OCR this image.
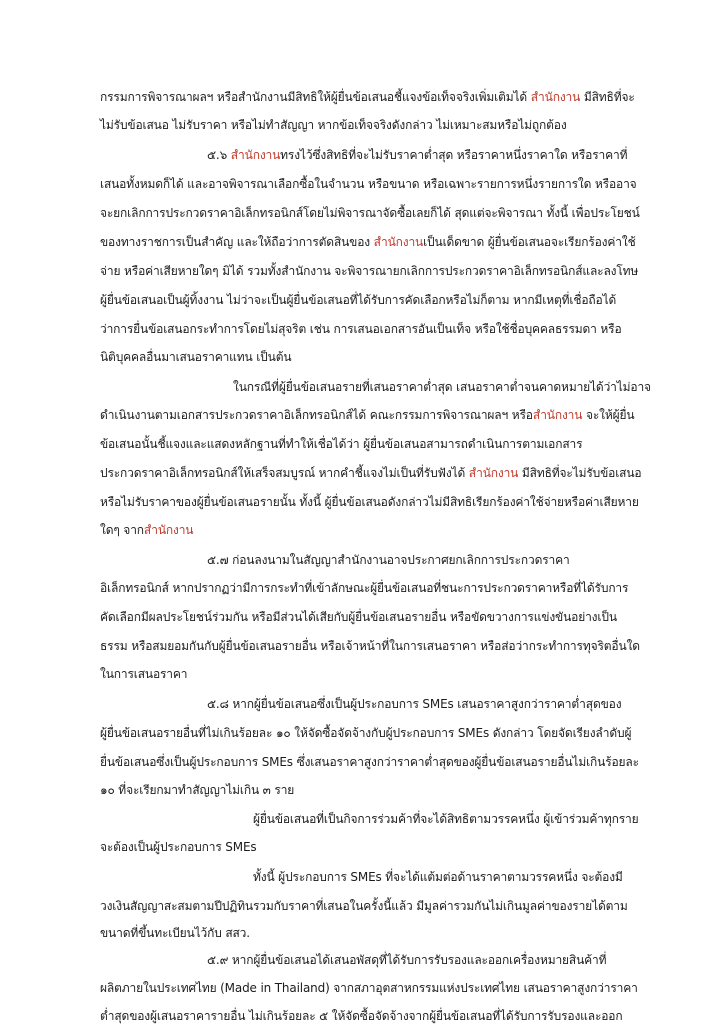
กรรมการพิจารณาผลฯ หรือสำนักงานมีสิทธิให้ผู้ยื่นข้อเสนอชี้แจงข้อเท็จจริงเพิ่มเติมได้ สำนักงาน มีสิทธิที่จะ

ไม่รับข้อเสนอ ไม่รับราคา หรือไม่ทำสัญญา หากข้อเท็จจริงดังกล่าว ไม่เหมาะสมหรือไม่ถูกต้อง

๕.๖ สำนักงานทรงไว้ซึ่งสิทธิที่จะไม่รับราคาต่ำสุด หรือราคาหนึ่งราคาใด หรือราคาที่

เสนอทั้งหมดก็ได้ และอาจพิจารณาเลือกซื้อในจำนวน หรือขนาด หรือเฉพาะรายการหนึ่งรายการใด หรืออาจ

จะยกเลิกการประกวดราคาอิเล็กทรอนิกส์โดยไม่พิจารณาจัดซื้อเลยก็ได้ สุดแต่จะพิจารณา ทั้งนี้ เพื่อประโยชน์

ของทางราชการเป็นสำคัญ และให้ถือว่าการตัดสินของ สำนักงานเป็นเด็ดขาด ผู้ยื่นข้อเสนอจะเรียกร้องค่าใช้

จ่าย หรือค่าเสียหายใดๆ มิได้ รวมทั้งสำนักงาน จะพิจารณายกเลิกการประกวดราคาอิเล็กทรอนิกส์และลงโทษ

ผู้ยื่นข้อเสนอเป็นผู้ทิ้งงาน ไม่ว่าจะเป็นผู้ยื่นข้อเสนอที่ได้รับการคัดเลือกหรือไม่ก็ตาม หากมีเหตุที่เชื่อถือได้

ว่าการยื่นข้อเสนอกระทำการโดยไม่สุจริต เช่น การเสนอเอกสารอันเป็นเท็จ หรือใช้ชื่อบุคคลธรรมดา หรือ

นิติบุคคลอื่นมาเสนอราคาแทน เป็นต้น

ในกรณีที่ผู้ยื่นข้อเสนอรายที่เสนอราคาต่ำสุด เสนอราคาต่ำจนคาดหมายได้ว่าไม่อาจ

ดำเนินงานตามเอกสารประกวดราคาอิเล็กทรอนิกส์ได้ คณะกรรมการพิจารณาผลฯ หรือสำนักงาน จะให้ผู้ยื่น

ข้อเสนอนั้นชี้แจงและแสดงหลักฐานที่ทำให้เชื่อได้ว่า ผู้ยื่นข้อเสนอสามารถดำเนินการตามเอกสาร

ประกวดราคาอิเล็กทรอนิกส์ให้เสร็จสมบูรณ์ หากคำชี้แจงไม่เป็นที่รับฟังได้ สำนักงาน มีสิทธิที่จะไม่รับข้อเสนอ

หรือไม่รับราคาของผู้ยื่นข้อเสนอรายนั้น ทั้งนี้ ผู้ยื่นข้อเสนอดังกล่าวไม่มีสิทธิเรียกร้องค่าใช้จ่ายหรือค่าเสียหาย

ใดๆ จากสำนักงาน

๕.๗ ก่อนลงนามในสัญญาสำนักงานอาจประกาศยกเลิกการประกวดราคา

อิเล็กทรอนิกส์ หากปรากฏว่ามีการกระทำที่เข้าลักษณะผู้ยื่นข้อเสนอที่ชนะการประกวดราคาหรือที่ได้รับการ

คัดเลือกมีผลประโยชน์ร่วมกัน หรือมีส่วนได้เสียกับผู้ยื่นข้อเสนอรายอื่น หรือขัดขวางการแข่งขันอย่างเป็น

ธรรม หรือสมยอมกันกับผู้ยื่นข้อเสนอรายอื่น หรือเจ้าหน้าที่ในการเสนอราคา หรือส่อว่ากระทำการทุจริตอื่นใด

ในการเสนอราคา

๕.๘ หากผู้ยื่นข้อเสนอซึ่งเป็นผู้ประกอบการ SMEs เสนอราคาสูงกว่าราคาต่ำสุดของ

ผู้ยื่นข้อเสนอรายอื่นที่ไม่เกินร้อยละ ๑๐ ให้จัดซื้อจัดจ้างกับผู้ประกอบการ SMEs ดังกล่าว โดยจัดเรียงลำดับผู้

ยื่นข้อเสนอซึ่งเป็นผู้ประกอบการ SMEs ซึ่งเสนอราคาสูงกว่าราคาต่ำสุดของผู้ยื่นข้อเสนอรายอื่นไม่เกินร้อยละ

๑๐ ที่จะเรียกมาทำสัญญาไม่เกิน ๓ ราย

ผู้ยื่นข้อเสนอที่เป็นกิจการร่วมค้าที่จะได้สิทธิตามวรรคหนึ่ง ผู้เข้าร่วมค้าทุกราย

จะต้องเป็นผู้ประกอบการ SMEs

ทั้งนี้ ผู้ประกอบการ SMEs ที่จะได้แต้มต่อด้านราคาตามวรรคหนึ่ง จะต้องมี

วงเงินสัญญาสะสมตามปีปฏิทินรวมกับราคาที่เสนอในครั้งนี้แล้ว มีมูลค่ารวมกันไม่เกินมูลค่าของรายได้ตาม

ขนาดที่ขึ้นทะเบียนไว้กับ สสว.

๕.๙ หากผู้ยื่นข้อเสนอได้เสนอพัสดุที่ได้รับการรับรองและออกเครื่องหมายสินค้าที่

ผลิตภายในประเทศไทย (Made in Thailand) จากสภาอุตสาหกรรมแห่งประเทศไทย เสนอราคาสูงกว่าราคา

ต่ำสุดของผู้เสนอราคารายอื่น ไม่เกินร้อยละ ๕ ให้จัดซื้อจัดจ้างจากผู้ยื่นข้อเสนอที่ได้รับการรับรองและออก
